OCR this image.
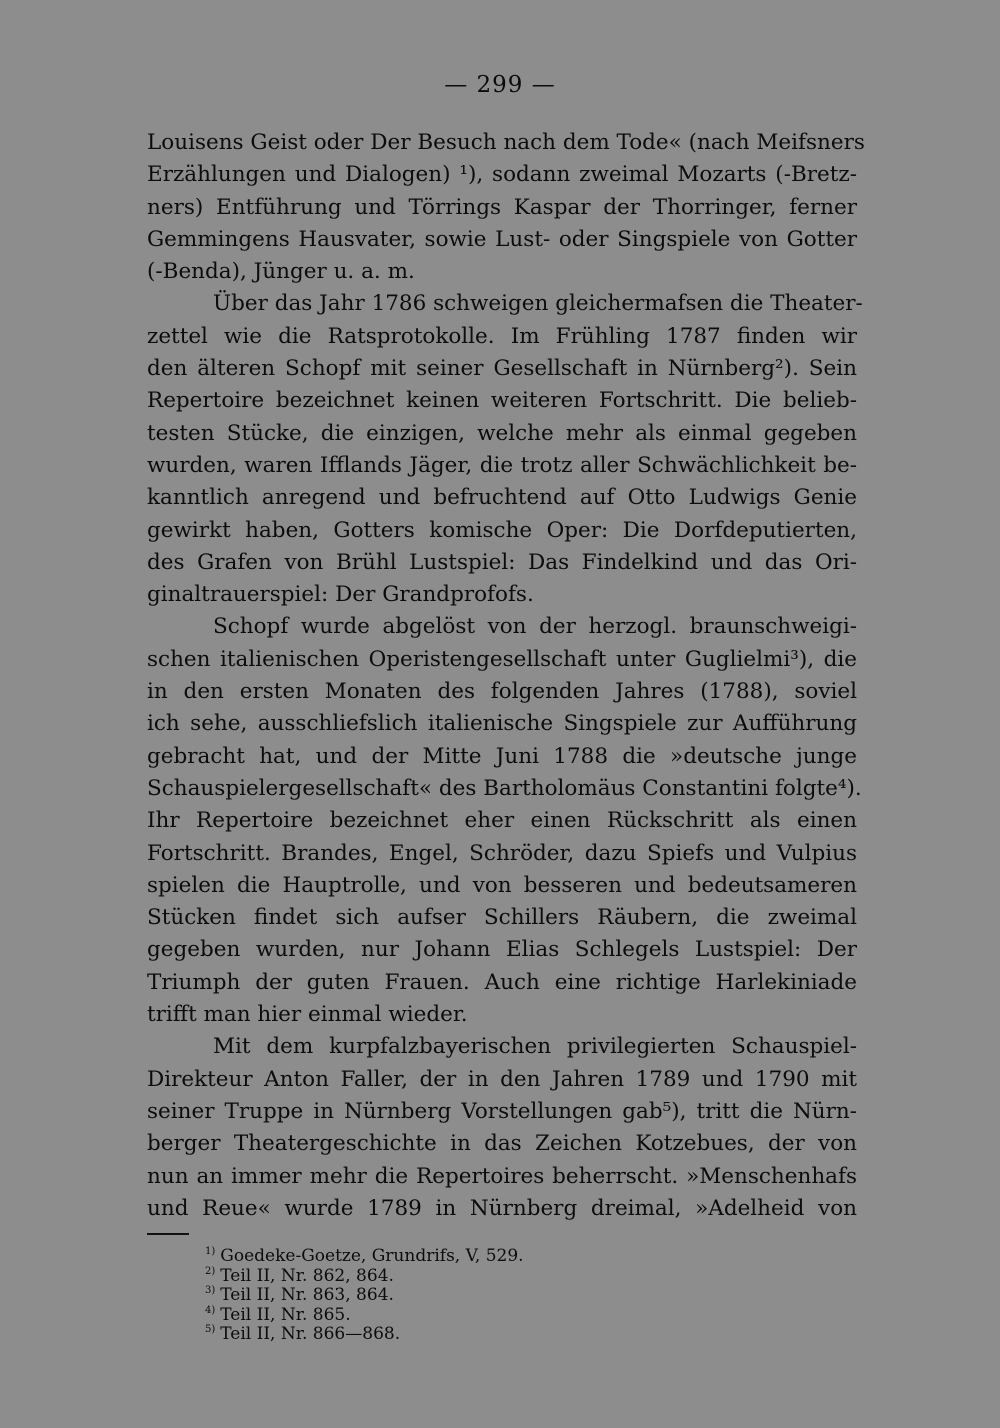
— 299 —
Louisens Geist oder Der Besuch nach dem Tode« (nach Meifsners
Erzählungen und Dialogen) ¹), sodann zweimal Mozarts (-Bretz-
ners) Entführung und Törrings Kaspar der Thorringer, ferner
Gemmingens Hausvater, sowie Lust- oder Singspiele von Gotter
(-Benda), Jünger u. a. m.
Über das Jahr 1786 schweigen gleichermafsen die Theater-
zettel wie die Ratsprotokolle. Im Frühling 1787 finden wir
den älteren Schopf mit seiner Gesellschaft in Nürnberg²). Sein
Repertoire bezeichnet keinen weiteren Fortschritt. Die belieb-
testen Stücke, die einzigen, welche mehr als einmal gegeben
wurden, waren Ifflands Jäger, die trotz aller Schwächlichkeit be-
kanntlich anregend und befruchtend auf Otto Ludwigs Genie
gewirkt haben, Gotters komische Oper: Die Dorfdeputierten,
des Grafen von Brühl Lustspiel: Das Findelkind und das Ori-
ginaltrauerspiel: Der Grandprofofs.
Schopf wurde abgelöst von der herzogl. braunschweigi-
schen italienischen Operistengesellschaft unter Guglielmi³), die
in den ersten Monaten des folgenden Jahres (1788), soviel
ich sehe, ausschliefslich italienische Singspiele zur Aufführung
gebracht hat, und der Mitte Juni 1788 die »deutsche junge
Schauspielergesellschaft« des Bartholomäus Constantini folgte⁴).
Ihr Repertoire bezeichnet eher einen Rückschritt als einen
Fortschritt. Brandes, Engel, Schröder, dazu Spiefs und Vulpius
spielen die Hauptrolle, und von besseren und bedeutsameren
Stücken findet sich aufser Schillers Räubern, die zweimal
gegeben wurden, nur Johann Elias Schlegels Lustspiel: Der
Triumph der guten Frauen. Auch eine richtige Harlekiniade
trifft man hier einmal wieder.
Mit dem kurpfalzbayerischen privilegierten Schauspiel-
Direkteur Anton Faller, der in den Jahren 1789 und 1790 mit
seiner Truppe in Nürnberg Vorstellungen gab⁵), tritt die Nürn-
berger Theatergeschichte in das Zeichen Kotzebues, der von
nun an immer mehr die Repertoires beherrscht. »Menschenhafs
und Reue« wurde 1789 in Nürnberg dreimal, »Adelheid von
$^{1)}$ Goedeke-Goetze, Grundrifs, V, 529.
$^{2)}$ Teil II, Nr. 862, 864.
$^{3)}$ Teil II, Nr. 863, 864.
$^{4)}$ Teil II, Nr. 865.
$^{5)}$ Teil II, Nr. 866—868.
